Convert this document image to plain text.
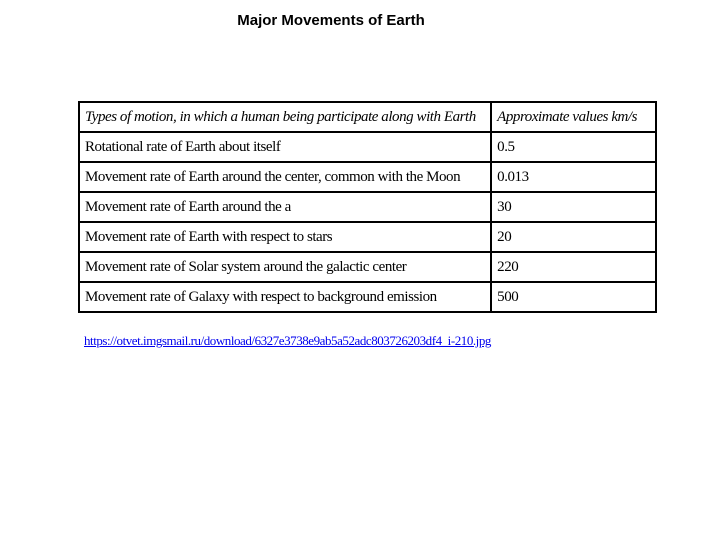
Major Movements of Earth
Types of motion, in which a human being participate along with Earth	Approximate values km/s
Rotational rate of Earth about itself	0.5
Movement rate of Earth around the center, common with the Moon	0.013
Movement rate of Earth around the a	30
Movement rate of Earth with respect to stars	20
Movement rate of Solar system around the galactic center	220
Movement rate of Galaxy with respect to background emission	500
https://otvet.imgsmail.ru/download/6327e3738e9ab5a52adc803726203df4_i-210.jpg
